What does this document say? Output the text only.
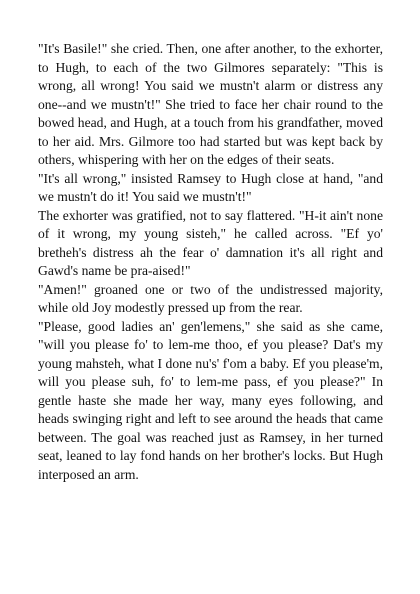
"It's Basile!" she cried. Then, one after another, to the exhorter, to Hugh, to each of the two Gilmores separately: "This is wrong, all wrong! You said we mustn't alarm or distress any one--and we mustn't!" She tried to face her chair round to the bowed head, and Hugh, at a touch from his grandfather, moved to her aid. Mrs. Gilmore too had started but was kept back by others, whispering with her on the edges of their seats.

"It's all wrong," insisted Ramsey to Hugh close at hand, "and we mustn't do it! You said we mustn't!"

The exhorter was gratified, not to say flattered. "H-it ain't none of it wrong, my young sisteh," he called across. "Ef yo' bretheh's distress ah the fear o' damnation it's all right and Gawd's name be pra-aised!"

"Amen!" groaned one or two of the undistressed majority, while old Joy modestly pressed up from the rear.

"Please, good ladies an' gen'lemens," she said as she came, "will you please fo' to lem-me thoo, ef you please? Dat's my young mahsteh, what I done nu's' f'om a baby. Ef you please'm, will you please suh, fo' to lem-me pass, ef you please?" In gentle haste she made her way, many eyes following, and heads swinging right and left to see around the heads that came between. The goal was reached just as Ramsey, in her turned seat, leaned to lay fond hands on her brother's locks. But Hugh interposed an arm.
